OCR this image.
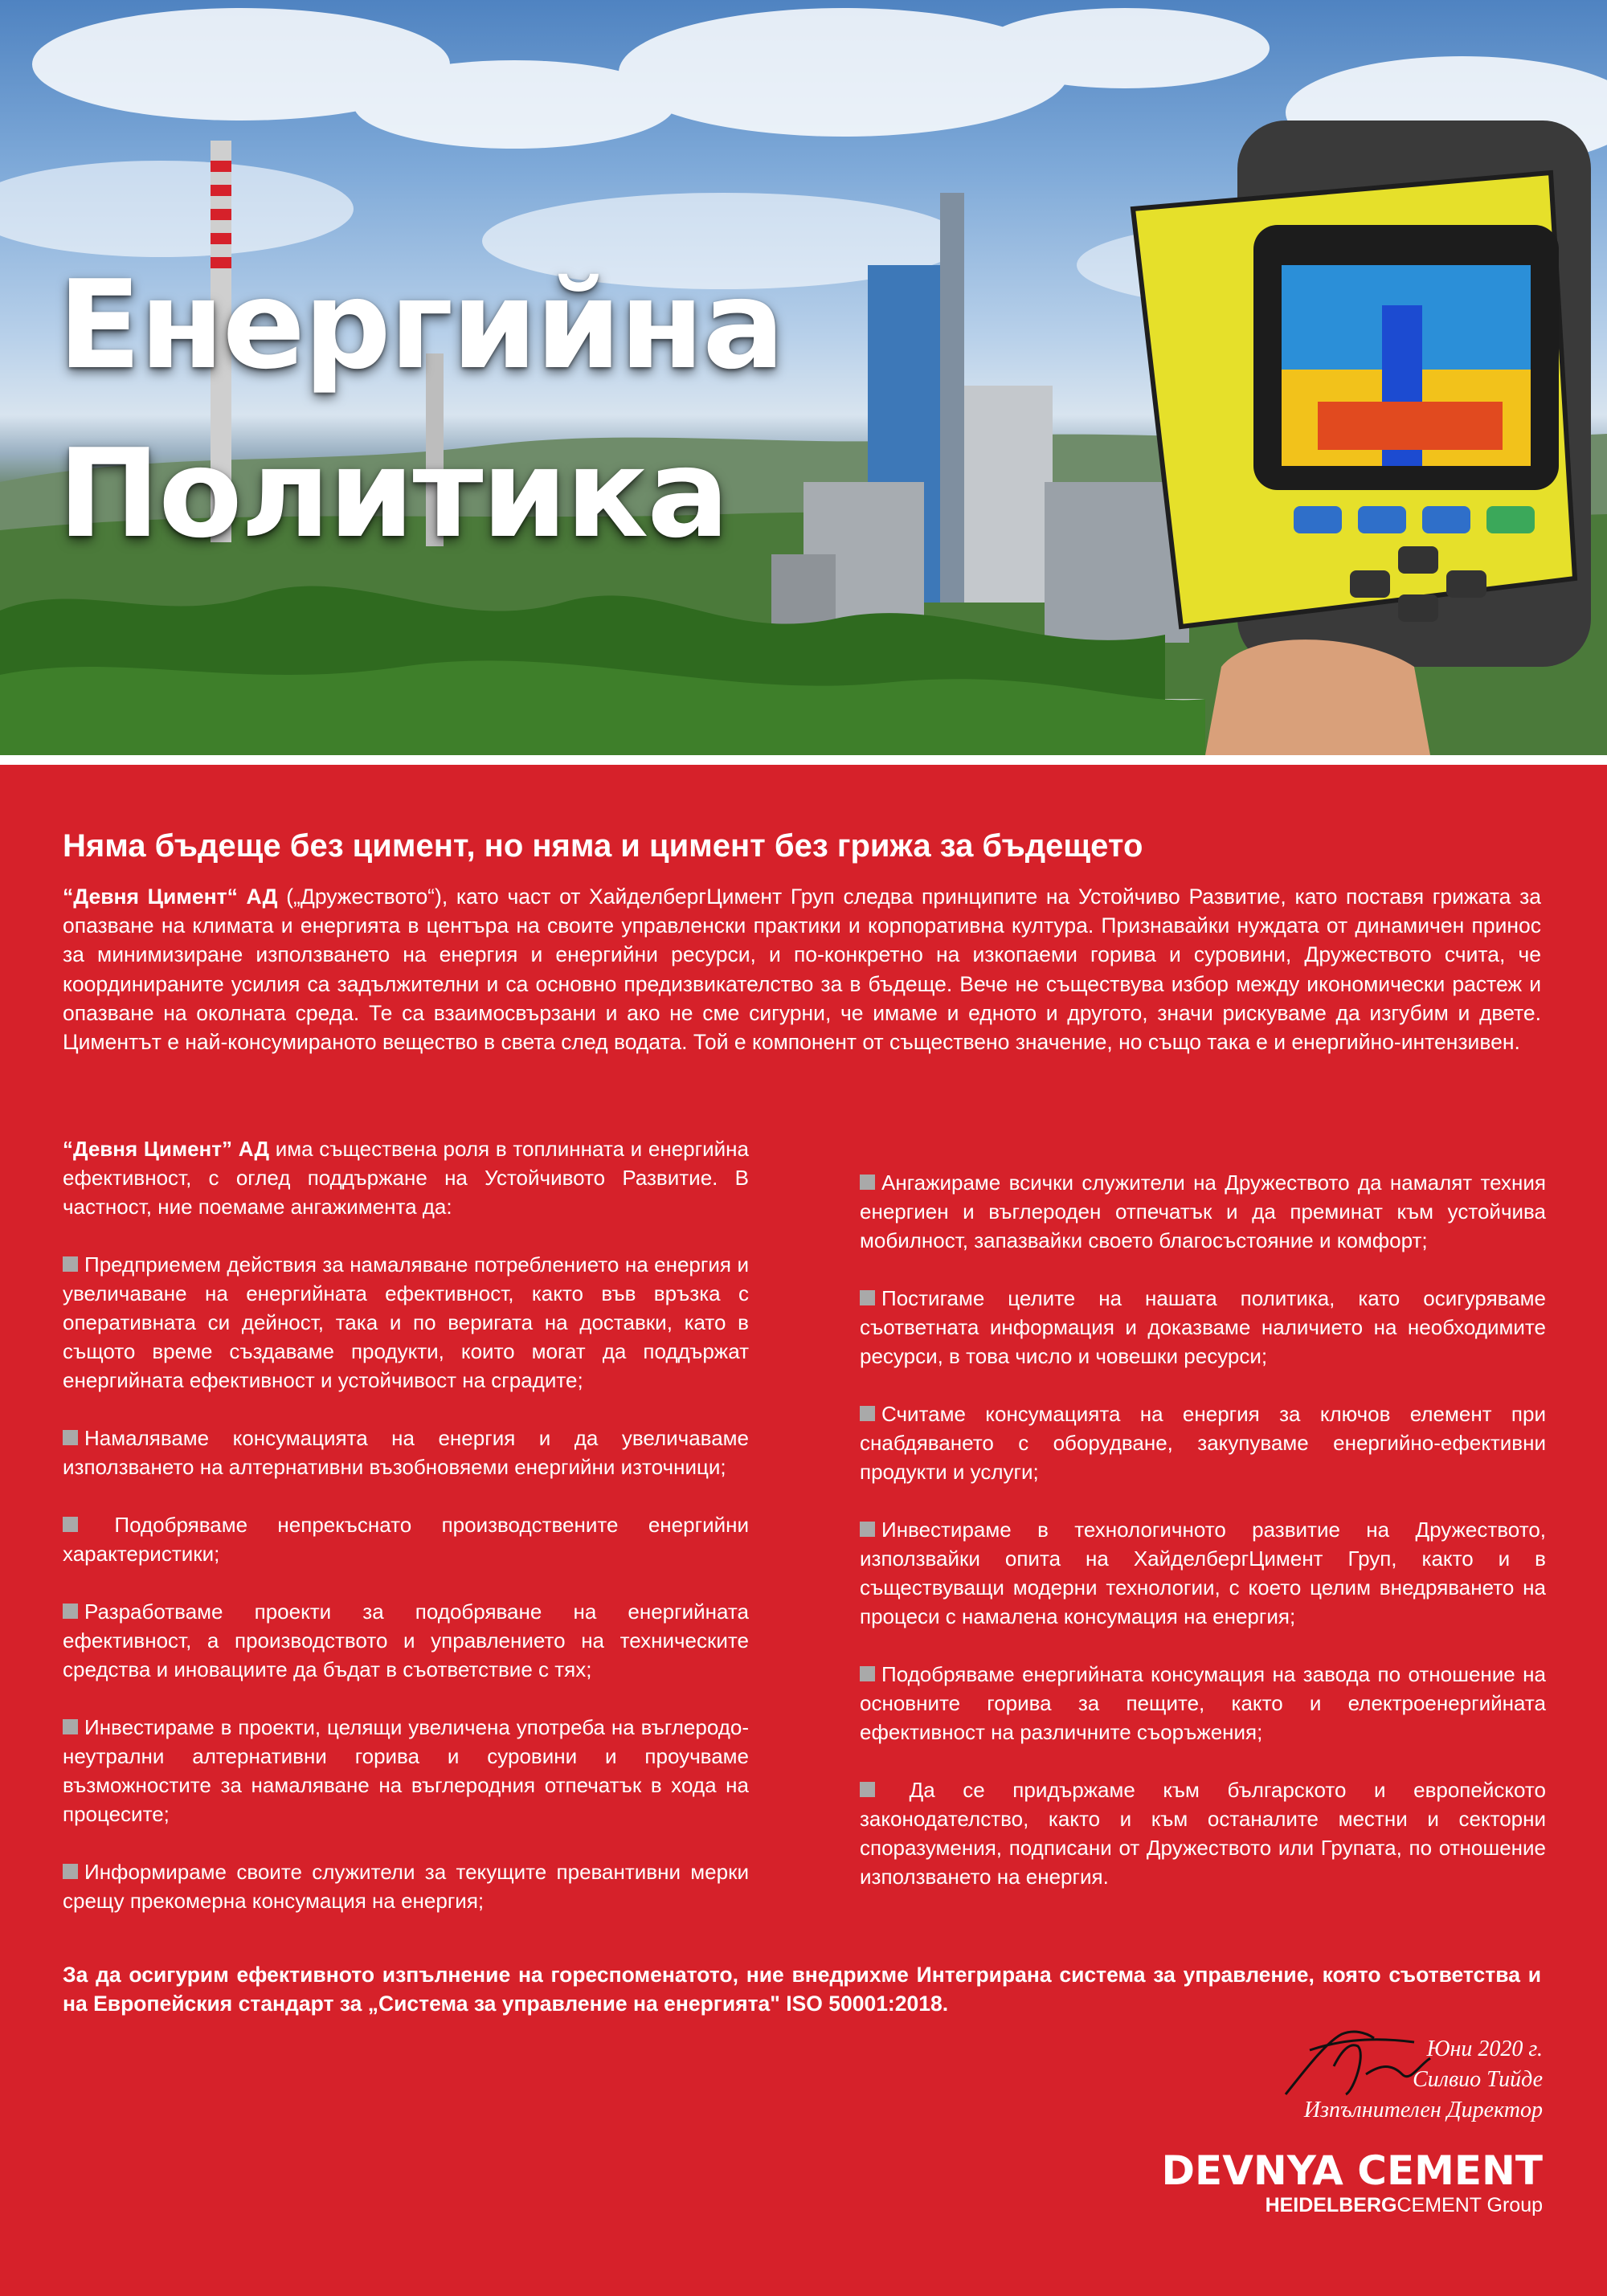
Енергийна
Политика
Няма бъдеще без цимент, но няма и цимент без грижа за бъдещето
“Девня Цимент“ АД („Дружеството“), като част от ХайделбергЦимент Груп следва принципите на Устойчиво Развитие, като поставя грижата за опазване на климата и енергията в центъра на своите управленски практики и корпоративна култура. Признавайки нуждата от динамичен принос за минимизиране използването на енергия и енергийни ресурси, и по-конкретно на изкопаеми горива и суровини, Дружеството счита, че координираните усилия са задължителни и са основно предизвикателство за в бъдеще. Вече не съществува избор между икономически растеж и опазване на околната среда. Те са взаимосвързани и ако не сме сигурни, че имаме и едното и другото, значи рискуваме да изгубим и двете. Циментът е най-консумираното вещество в света след водата. Той е компонент от съществено значение, но също така е и енергийно-интензивен.

“Девня Цимент” АД има съществена роля в топлинната и енергийна ефективност, с оглед поддържане на Устойчивото Развитие. В частност, ние поемаме ангажимента да:

Предприемем действия за намаляване потреблението на енергия и увеличаване на енергийната ефективност, както във връзка с оперативната си дейност, така и по веригата на доставки, като в същото време създаваме продукти, които могат да поддържат енергийната ефективност и устойчивост на сградите;

Намаляваме консумацията на енергия и да увеличаваме използването на алтернативни възобновяеми енергийни източници;

Подобряваме непрекъснато производствените енергийни характеристики;

Разработваме проекти за подобряване на енергийната ефективност, а производството и управлението на техническите средства и иновациите да бъдат в съответствие с тях;

Инвестираме в проекти, целящи увеличена употреба на въглеродо-неутрални алтернативни горива и суровини и проучваме възможностите за намаляване на въглеродния отпечатък в хода на процесите;

Информираме своите служители за текущите превантивни мерки срещу прекомерна консумация на енергия;

Ангажираме всички служители на Дружеството да намалят техния енергиен и въглероден отпечатък и да преминат към устойчива мобилност, запазвайки своето благосъстояние и комфорт;

Постигаме целите на нашата политика, като осигуряваме съответната информация и доказваме наличието на необходимите ресурси, в това число и човешки ресурси;

Считаме консумацията на енергия за ключов елемент при снабдяването с оборудване, закупуваме енергийно-ефективни продукти и услуги;

Инвестираме в технологичното развитие на Дружеството, използвайки опита на ХайделбергЦимент Груп, както и в съществуващи модерни технологии, с което целим внедряването на процеси с намалена консумация на енергия;

Подобряваме енергийната консумация на завода по отношение на основните горива за пещите, както и електроенергийната ефективност на различните съоръжения;

Да се придържаме към българското и европейското законодателство, както и към останалите местни и секторни споразумения, подписани от Дружеството или Групата, по отношение използването на енергия.

За да осигурим ефективното изпълнение на гореспоменатото, ние внедрихме Интегрирана система за управление, която съответства и на Европейския стандарт за „Система за управление на енергията" ISO 50001:2018.
Юни 2020 г.
Силвио Тийде
Изпълнителен Директор
DEVNYA CEMENT
HEIDELBERGCEMENT Group
